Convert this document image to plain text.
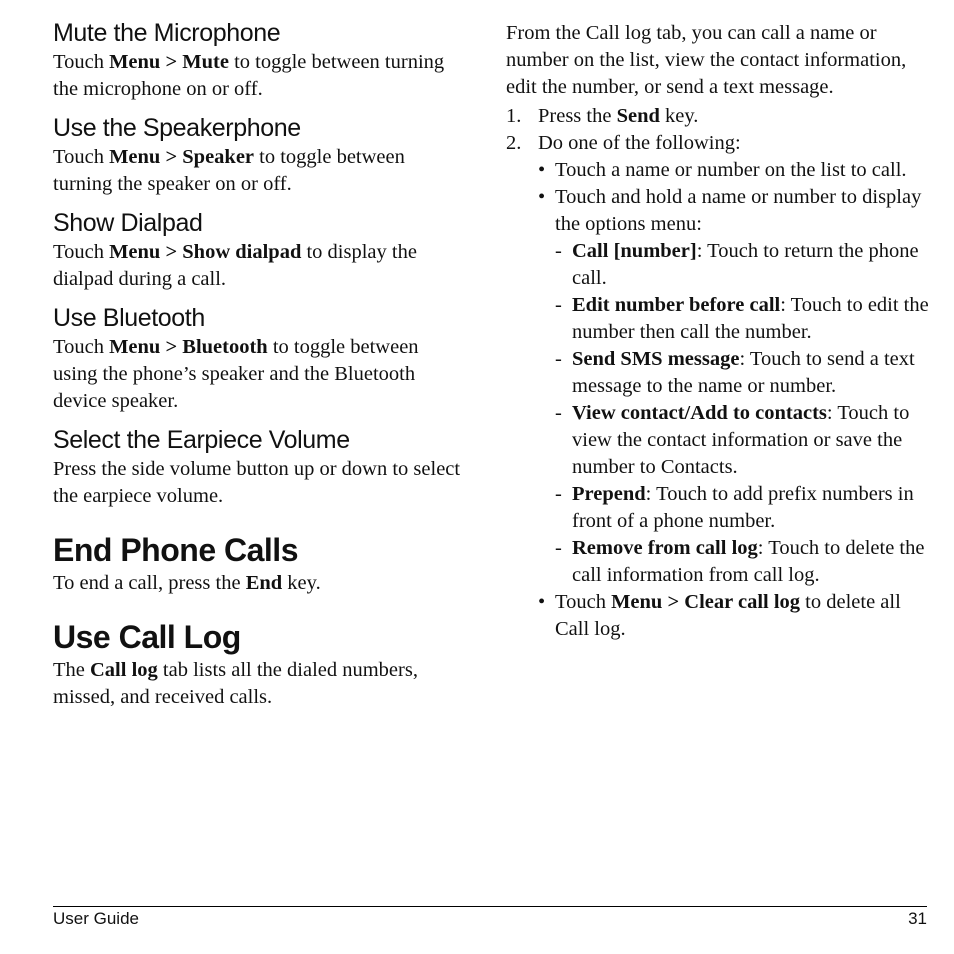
Mute the Microphone

Touch Menu > Mute to toggle between turning the microphone on or off.

Use the Speakerphone

Touch Menu > Speaker to toggle between turning the speaker on or off.

Show Dialpad

Touch Menu > Show dialpad to display the dialpad during a call.

Use Bluetooth

Touch Menu > Bluetooth to toggle between using the phone’s speaker and the Bluetooth device speaker.

Select the Earpiece Volume

Press the side volume button up or down to select the earpiece volume.

End Phone Calls

To end a call, press the End key.

Use Call Log

The Call log tab lists all the dialed numbers, missed, and received calls.

From the Call log tab, you can call a name or number on the list, view the contact information, edit the number, or send a text message.

1. Press the Send key.
2. Do one of the following:
• Touch a name or number on the list to call.
• Touch and hold a name or number to display the options menu:
- Call [number]: Touch to return the phone call.
- Edit number before call: Touch to edit the number then call the number.
- Send SMS message: Touch to send a text message to the name or number.
- View contact/Add to contacts: Touch to view the contact information or save the number to Contacts.
- Prepend: Touch to add prefix numbers in front of a phone number.
- Remove from call log: Touch to delete the call information from call log.
• Touch Menu > Clear call log to delete all Call log.
User Guide	31
